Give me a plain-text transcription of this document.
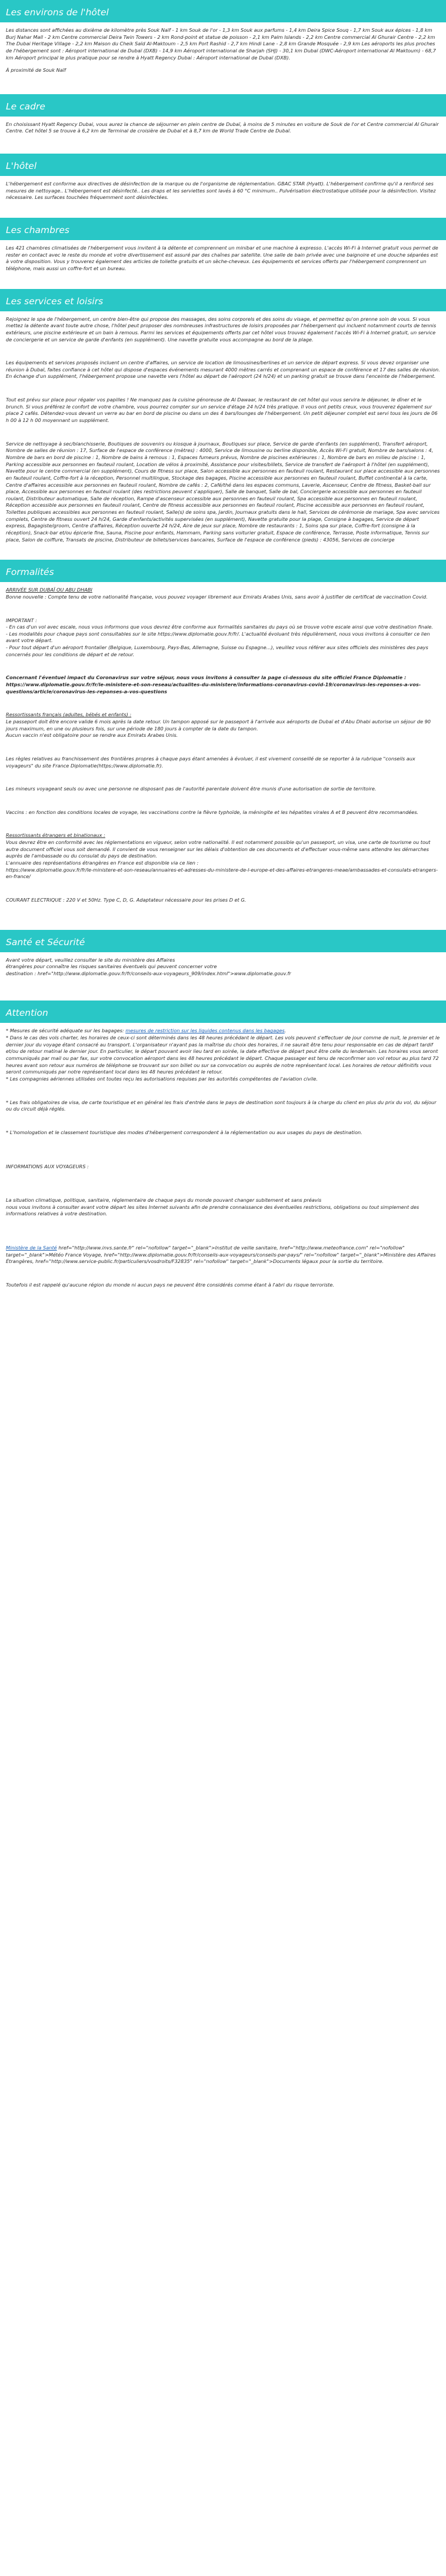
Les environs de l'hôtel

Les distances sont affichées au dixième de kilomètre près Souk Naïf - 1 km Souk de l'or - 1,3 km Souk aux parfums - 1,4 km Deira Spice Souq - 1,7 km Souk aux épices - 1,8 km Burj Nahar Mall - 2 km Centre commercial Deira Twin Towers - 2 km Rond-point et statue de poisson - 2,1 km Palm Islands - 2,2 km Centre commercial Al Ghurair Centre - 2,2 km The Dubai Heritage Village - 2,2 km Maison du Cheik Saïd Al-Maktoum - 2,5 km Port Rashid - 2,7 km Hindi Lane - 2,8 km Grande Mosquée - 2,9 km Les aéroports les plus proches de l'hébergement sont : Aéroport international de Dubaï (DXB) - 14,9 km Aéroport international de Sharjah (SHJ) - 30,1 km Dubaï (DWC-Aéroport international Al Maktoum) - 68,7 km Aéroport principal le plus pratique pour se rendre à Hyatt Regency Dubai : Aéroport international de Dubaï (DXB).

À proximité de Souk Naïf

Le cadre

En choisissant Hyatt Regency Dubai, vous aurez la chance de séjourner en plein centre de Dubaï, à moins de 5 minutes en voiture de Souk de l'or et Centre commercial Al Ghurair Centre. Cet hôtel 5 se trouve à 6,2 km de Terminal de croisière de Dubaï et à 8,7 km de World Trade Centre de Dubaï.

L'hôtel

L'hébergement est conforme aux directives de désinfection de la marque ou de l'organisme de réglementation. GBAC STAR (Hyatt). L'hébergement confirme qu'il a renforcé ses mesures de nettoyage.. L'hébergement est désinfecté.. Les draps et les serviettes sont lavés à 60 °C minimum.. Pulvérisation électrostatique utilisée pour la désinfection. Visitez nécessaire. Les surfaces touchées fréquemment sont désinfectées.

Les chambres

Les 421 chambres climatisées de l'hébergement vous invitent à la détente et comprennent un minibar et une machine à expresso. L'accès Wi-Fi à Internet gratuit vous permet de rester en contact avec le reste du monde et votre divertissement est assuré par des chaînes par satellite. Une salle de bain privée avec une baignoire et une douche séparées est à votre disposition. Vous y trouverez également des articles de toilette gratuits et un sèche-cheveux. Les équipements et services offerts par l'hébergement comprennent un téléphone, mais aussi un coffre-fort et un bureau.

Les services et loisirs

Rejoignez le spa de l'hébergement, un centre bien-être qui propose des massages, des soins corporels et des soins du visage, et permettez qu'on prenne soin de vous. Si vous mettez la détente avant toute autre chose, l'hôtel peut proposer des nombreuses infrastructures de loisirs proposées par l'hébergement qui incluent notamment courts de tennis extérieurs, une piscine extérieure et un bain à remous. Parmi les services et équipements offerts par cet hôtel vous trouvez également l'accès Wi-Fi à Internet gratuit, un service de conciergerie et un service de garde d'enfants (en supplément). Une navette gratuite vous accompagne au bord de la plage.

Les équipements et services proposés incluent un centre d'affaires, un service de location de limousines/berlines et un service de départ express. Si vous devez organiser une réunion à Dubaï, faites confiance à cet hôtel qui dispose d'espaces événements mesurant 4000 mètres carrés et comprenant un espace de conférence et 17 des salles de réunion. En échange d'un supplément, l'hébergement propose une navette vers l'hôtel au départ de l'aéroport (24 h/24) et un parking gratuit se trouve dans l'enceinte de l'hébergement.

Tout est prévu sur place pour régaler vos papilles ! Ne manquez pas la cuisine génoreuse de Al Dawaar, le restaurant de cet hôtel qui vous servira le déjeuner, le dîner et le brunch. Si vous préférez le confort de votre chambre, vous pourrez compter sur un service d'étage 24 h/24 très pratique. Il vous ont petits creux, vous trouverez également sur place 2 cafés. Détendez-vous devant un verre au bar en bord de piscine ou dans un des 4 bars/lounges de l'hébergement. Un petit déjeuner complet est servi tous les jours de 06 h 00 à 12 h 00 moyennant un supplément.

Service de nettoyage à sec/blanchisserie, Boutiques de souvenirs ou kiosque à journaux, Boutiques sur place, Service de garde d'enfants (en supplément), Transfert aéroport, Nombre de salles de réunion : 17, Surface de l'espace de conférence (mètres) : 4000, Service de limousine ou berline disponible, Accès Wi-Fi gratuit, Nombre de bars/salons : 4, Nombre de bars en bord de piscine : 1, Nombre de bains à remous : 1, Espaces fumeurs prévus, Nombre de piscines extérieures : 1, Nombre de bars en milieu de piscine : 1, Parking accessible aux personnes en fauteuil roulant, Location de vélos à proximité, Assistance pour visites/billets, Service de transfert de l'aéroport à l'hôtel (en supplément), Navette pour le centre commercial (en supplément), Cours de fitness sur place, Salon accessible aux personnes en fauteuil roulant, Restaurant sur place accessible aux personnes en fauteuil roulant, Coffre-fort à la réception, Personnel multilingue, Stockage des bagages, Piscine accessible aux personnes en fauteuil roulant, Buffet continental à la carte, Centre d'affaires accessible aux personnes en fauteuil roulant, Nombre de cafés : 2, Café/thé dans les espaces communs, Laverie, Ascenseur, Centre de fitness, Basket-ball sur place, Accessible aux personnes en fauteuil roulant (des restrictions peuvent s'appliquer), Salle de banquet, Salle de bal, Conciergerie accessible aux personnes en fauteuil roulant, Distributeur automatique, Salle de réception, Rampe d'ascenseur accessible aux personnes en fauteuil roulant, Spa accessible aux personnes en fauteuil roulant, Réception accessible aux personnes en fauteuil roulant, Centre de fitness accessible aux personnes en fauteuil roulant, Piscine accessible aux personnes en fauteuil roulant, Toilettes publiques accessibles aux personnes en fauteuil roulant, Salle(s) de soins spa, Jardin, Journaux gratuits dans le hall, Services de cérémonie de mariage, Spa avec services complets, Centre de fitness ouvert 24 h/24, Garde d'enfants/activités supervisées (en supplément), Navette gratuite pour la plage, Consigne à bagages, Service de départ express, Bagagiste/groom, Centre d'affaires, Réception ouverte 24 h/24, Aire de jeux sur place, Nombre de restaurants : 1, Soins spa sur place, Coffre-fort (consigne à la réception), Snack-bar et/ou épicerie fine, Sauna, Piscine pour enfants, Hammam, Parking sans voiturier gratuit, Espace de conférence, Terrasse, Poste informatique, Tennis sur place, Salon de coiffure, Transats de piscine, Distributeur de billets/services bancaires, Surface de l'espace de conférence (pieds) : 43056, Services de concierge

Formalités

ARRIVÉE SUR DUBAÏ OU ABU DHABI

Bonne nouvelle : Compte tenu de votre nationalité française, vous pouvez voyager librement aux Emirats Arabes Unis, sans avoir à justifier de certificat de vaccination Covid.

IMPORTANT :

- En cas d'un vol avec escale, nous vous informons que vous devrez être conforme aux formalités sanitaires du pays où se trouve votre escale ainsi que votre destination finale.
- Les modalités pour chaque pays sont consultables sur le site https://www.diplomatie.gouv.fr/fr/. L'actualité évoluant très régulièrement, nous vous invitons à consulter ce lien avant votre départ.
- Pour tout départ d'un aéroport frontalier (Belgique, Luxembourg, Pays-Bas, Allemagne, Suisse ou Espagne...), veuillez vous référer aux sites officiels des ministères des pays concernés pour les conditions de départ et de retour.

Concernant l'éventuel impact du Coronavirus sur votre séjour, nous vous invitons à consulter la page ci-dessous du site officiel France Diplomatie :
https://www.diplomatie.gouv.fr/fr/le-ministere-et-son-reseau/actualites-du-ministere/informations-coronavirus-covid-19/coronavirus-les-reponses-a-vos-questions/article/coronavirus-les-reponses-a-vos-questions

Ressortissants français (adultes, bébés et enfants) :

Le passeport doit être encore valide 6 mois après la date retour. Un tampon apposé sur le passeport à l'arrivée aux aéroports de Dubaï et d'Abu Dhabi autorise un séjour de 90 jours maximum, en une ou plusieurs fois, sur une période de 180 jours à compter de la date du tampon.
Aucun vaccin n'est obligatoire pour se rendre aux Emirats Arabes Unis.

Les règles relatives au franchissement des frontières propres à chaque pays étant amenées à évoluer, il est vivement conseillé de se reporter à la rubrique "conseils aux voyageurs" du site France Diplomatie(https://www.diplomatie.fr).

Les mineurs voyageant seuls ou avec une personne ne disposant pas de l'autorité parentale doivent être munis d'une autorisation de sortie de territoire.

Vaccins : en fonction des conditions locales de voyage, les vaccinations contre la fièvre typhoïde, la méningite et les hépatites virales A et B peuvent être recommandées.

Ressortissants étrangers et binationaux :

Vous devrez être en conformité avec les réglementations en vigueur, selon votre nationalité. Il est notamment possible qu'un passeport, un visa, une carte de tourisme ou tout autre document officiel vous soit demandé. Il convient de vous renseigner sur les délais d'obtention de ces documents et d'effectuer vous-même sans attendre les démarches auprès de l'ambassade ou du consulat du pays de destination.
L'annuaire des représentations étrangères en France est disponible via ce lien :
https://www.diplomatie.gouv.fr/fr/le-ministere-et-son-reseau/annuaires-et-adresses-du-ministere-de-l-europe-et-des-affaires-etrangeres-meae/ambassades-et-consulats-etrangers-en-france/

COURANT ELECTRIQUE : 220 V et 50Hz. Type C, D, G. Adaptateur nécessaire pour les prises D et G.

Santé et Sécurité

Avant votre départ, veuillez consulter le site du ministère des Affaires
étrangères pour connaître les risques sanitaires éventuels qui peuvent concerner votre
destination : href="http://www.diplomatie.gouv.fr/fr/conseils-aux-voyageurs_909/index.html">www.diplomatie.gouv.fr

Attention

* Mesures de sécurité adéquate sur les bagages: mesures de restriction sur les liquides contenus dans les bagages.
* Dans le cas des vols charter, les horaires de ceux-ci sont déterminés dans les 48 heures précédant le départ. Les vols peuvent s'effectuer de jour comme de nuit, le premier et le dernier jour du voyage étant consacré au transport. L'organisateur n'ayant pas la maîtrise du choix des horaires, il ne saurait être tenu pour responsable en cas de départ tardif et/ou de retour matinal le dernier jour. En particulier, le départ pouvant avoir lieu tard en soirée, la date effective de départ peut être celle du lendemain. Les horaires vous seront communiqués par mail ou par fax, sur votre convocation aéroport dans les 48 heures précédant le départ. Chaque passager est tenu de reconfirmer son vol retour au plus tard 72 heures avant son retour aux numéros de téléphone se trouvant sur son billet ou sur sa convocation ou auprès de notre représentant local. Les horaires de retour définitifs vous seront communiqués par notre représentant local dans les 48 heures précédant le retour.
* Les compagnies aériennes utilisées ont toutes reçu les autorisations requises par les autorités compétentes de l'aviation civile.

* Les frais obligatoires de visa, de carte touristique et en général les frais d'entrée dans le pays de destination sont toujours à la charge du client en plus du prix du vol, du séjour ou du circuit déjà réglés.

* L'homologation et le classement touristique des modes d'hébergement correspondent à la réglementation ou aux usages du pays de destination.

INFORMATIONS AUX VOYAGEURS :

La situation climatique, politique, sanitaire, réglementaire de chaque pays du monde pouvant changer subitement et sans préavis
nous vous invitons à consulter avant votre départ les sites Internet suivants afin de prendre connaissance des éventuelles restrictions, obligations ou tout simplement des informations relatives à votre destination.

Ministère de la Santé href="http://www.invs.sante.fr" rel="nofollow" target="_blank">Institut de veille sanitaire, href="http://www.meteofrance.com" rel="nofollow" target="_blank">Météo France Voyage, href="http://www.diplomatie.gouv.fr/fr/conseils-aux-voyageurs/conseils-par-pays/" rel="nofollow" target="_blank">Ministère des Affaires Étrangères, href="http://www.service-public.fr/particuliers/vosdroits/F32835" rel="nofollow" target="_blank">Documents légaux pour la sortie du territoire.

Toutefois il est rappelé qu'aucune région du monde ni aucun pays ne peuvent être considérés comme étant à l'abri du risque terroriste.
